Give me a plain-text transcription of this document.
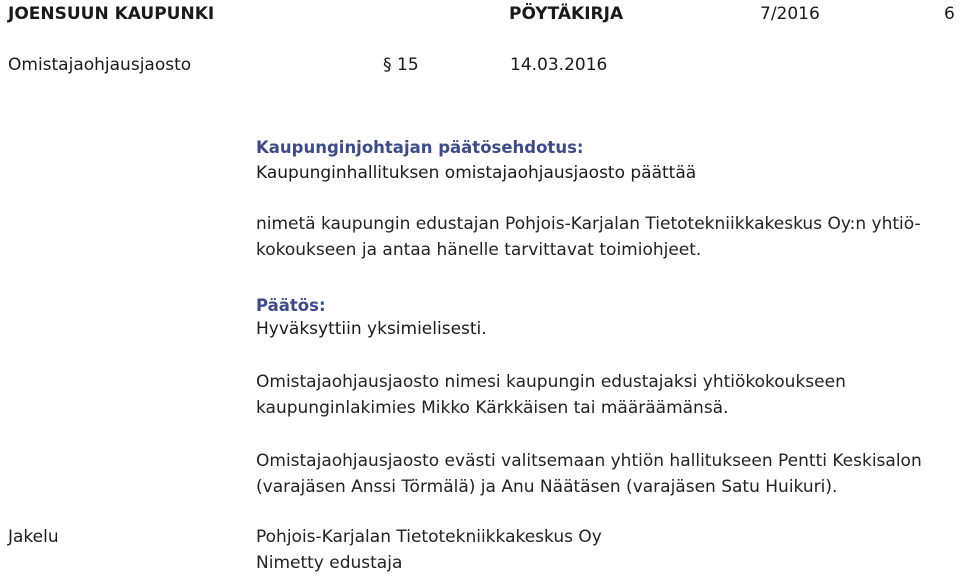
JOENSUUN KAUPUNKI	PÖYTÄKIRJA	7/2016	6
Omistajaohjausjaosto	§ 15	14.03.2016
Kaupunginjohtajan päätösehdotus:
Kaupunginhallituksen omistajaohjausjaosto päättää
nimetä kaupungin edustajan Pohjois-Karjalan Tietotekniikkakeskus Oy:n yhtiö-
kokoukseen ja antaa hänelle tarvittavat toimiohjeet.
Päätös:
Hyväksyttiin yksimielisesti.
Omistajaohjausjaosto nimesi kaupungin edustajaksi yhtiökokoukseen
kaupunginlakimies Mikko Kärkkäisen tai määräämänsä.
Omistajaohjausjaosto evästi valitsemaan yhtiön hallitukseen Pentti Keskisalon
(varajäsen Anssi Törmälä) ja Anu Näätäsen (varajäsen Satu Huikuri).
Jakelu	Pohjois-Karjalan Tietotekniikkakeskus Oy
Nimetty edustaja
